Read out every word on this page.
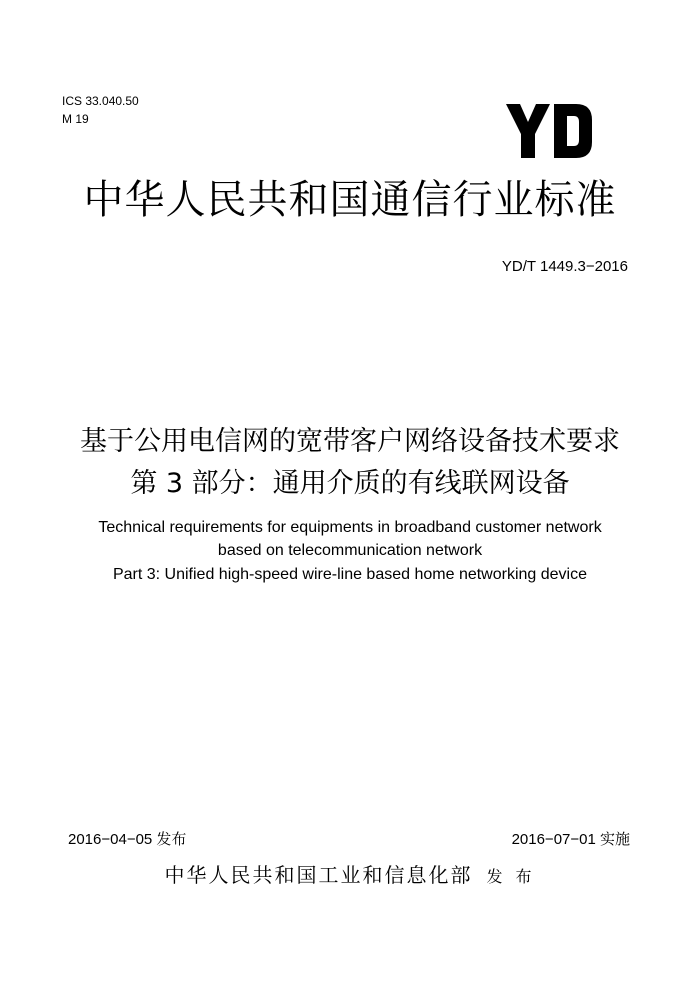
ICS 33.040.50
M 19
中华人民共和国通信行业标准
YD/T 1449.3−2016
基于公用电信网的宽带客户网络设备技术要求
第 3 部分：通用介质的有线联网设备
Technical requirements for equipments in broadband customer network
based on telecommunication network
Part 3: Unified high-speed wire-line based home networking device
2016−04−05 发布	2016−07−01 实施
中华人民共和国工业和信息化部 发 布
